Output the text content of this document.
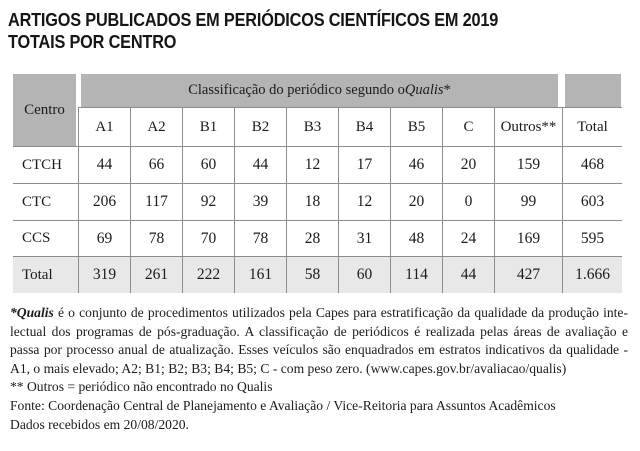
ARTIGOS PUBLICADOS EM PERIÓDICOS CIENTÍFICOS EM 2019
TOTAIS POR CENTRO
Centro
Classificação do periódico segundo o Qualis *
A1	A2	B1	B2	B3	B4	B5	C	Outros**	Total
CTCH	44	66	60	44	12	17	46	20	159	468
CTC	206	117	92	39	18	12	20	0	99	603
CCS	69	78	70	78	28	31	48	24	169	595
Total	319	261	222	161	58	60	114	44	427	1.666
*Qualis é o conjunto de procedimentos utilizados pela Capes para estratificação da qualidade da produção inte-
lectual dos programas de pós-graduação. A classificação de periódicos é realizada pelas áreas de avaliação e
passa por processo anual de atualização. Esses veículos são enquadrados em estratos indicativos da qualidade -
A1, o mais elevado; A2; B1; B2; B3; B4; B5; C - com peso zero. (www.capes.gov.br/avaliacao/qualis)
** Outros = periódico não encontrado no Qualis
Fonte: Coordenação Central de Planejamento e Avaliação / Vice-Reitoria para Assuntos Acadêmicos
Dados recebidos em 20/08/2020.
